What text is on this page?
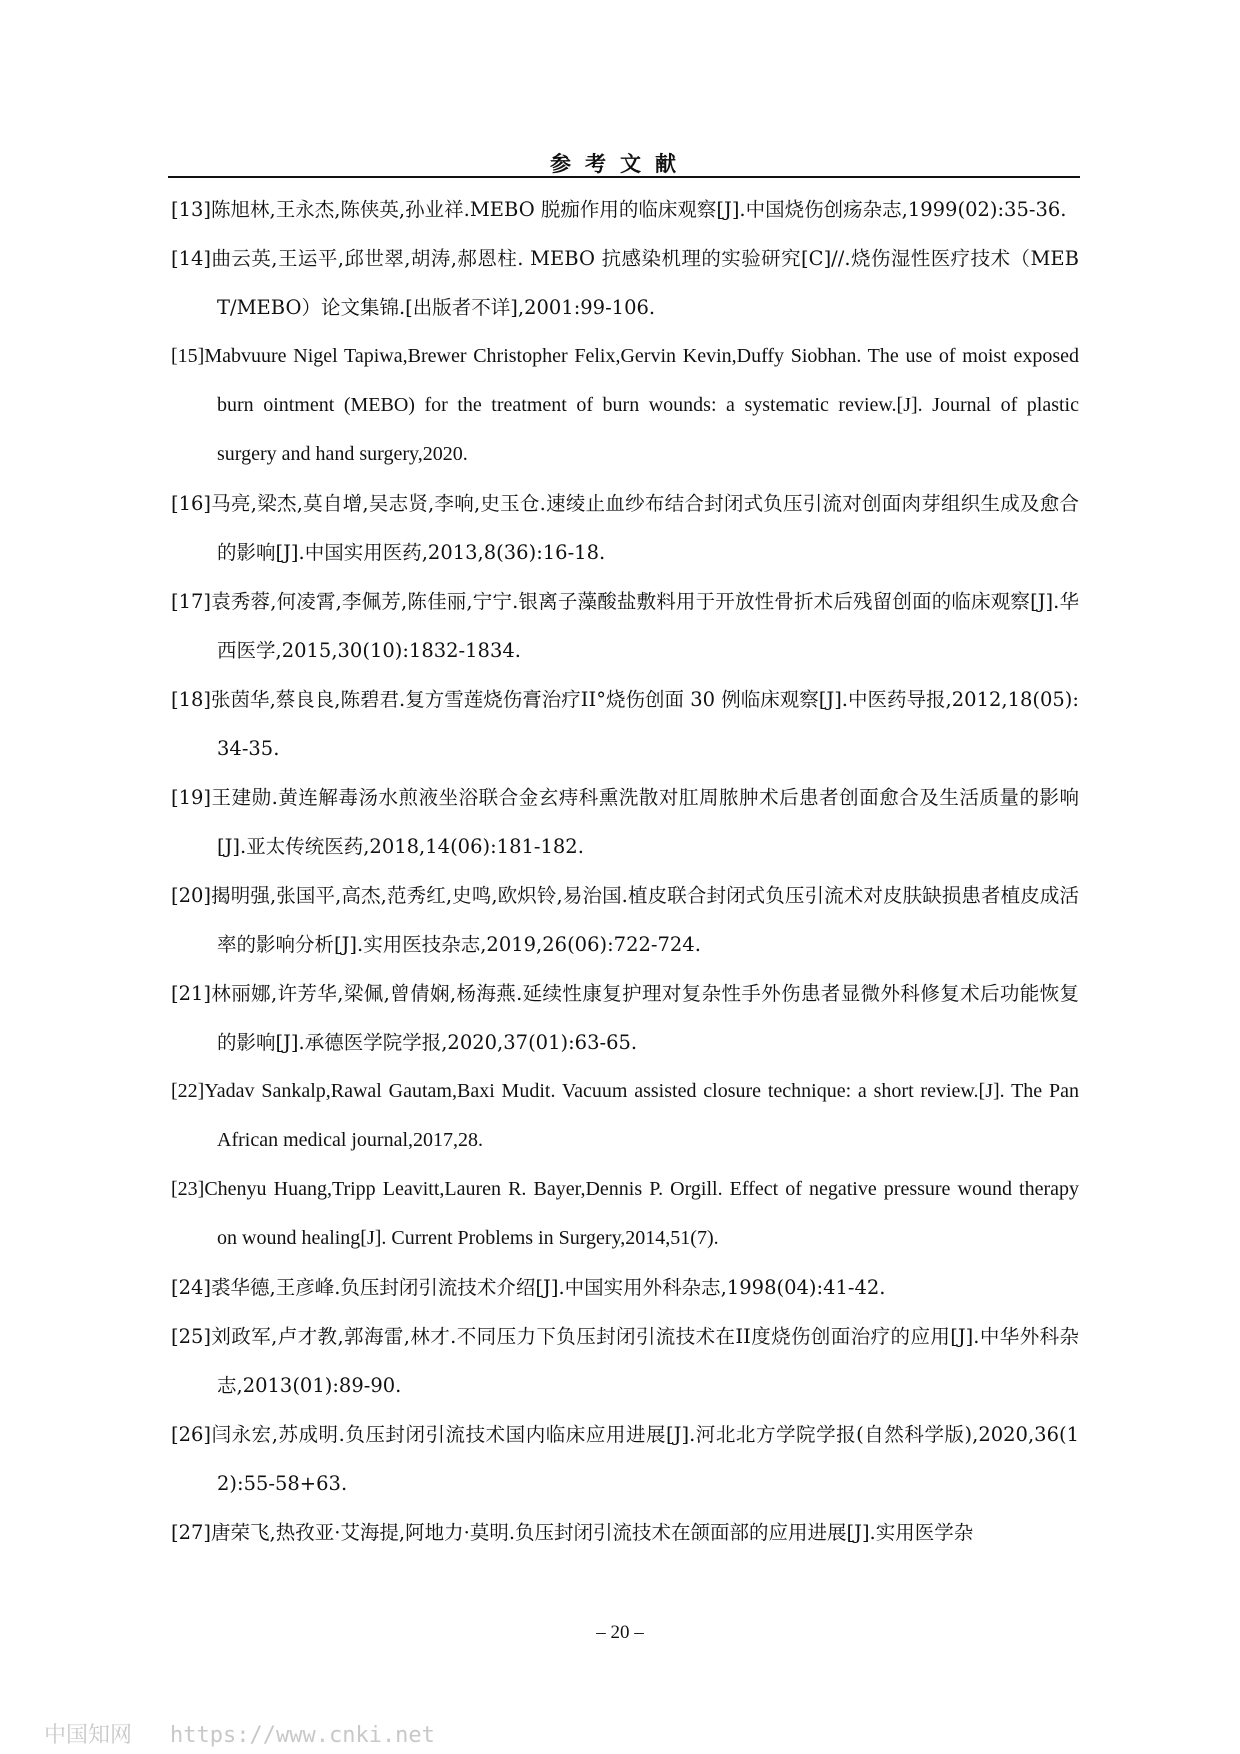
参考文献
[13]陈旭林,王永杰,陈侠英,孙业祥.MEBO 脱痂作用的临床观察[J].中国烧伤创疡杂志,1999(02):35-36.
[14]曲云英,王运平,邱世翠,胡涛,郝恩柱. MEBO 抗感染机理的实验研究[C]//.烧伤湿性医疗技术（MEBT/MEBO）论文集锦.[出版者不详],2001:99-106.
[15]Mabvuure Nigel Tapiwa,Brewer Christopher Felix,Gervin Kevin,Duffy Siobhan. The use of moist exposed burn ointment (MEBO) for the treatment of burn wounds: a systematic review.[J]. Journal of plastic surgery and hand surgery,2020.
[16]马亮,梁杰,莫自增,吴志贤,李响,史玉仓.速绫止血纱布结合封闭式负压引流对创面肉芽组织生成及愈合的影响[J].中国实用医药,2013,8(36):16-18.
[17]袁秀蓉,何凌霄,李佩芳,陈佳丽,宁宁.银离子藻酸盐敷料用于开放性骨折术后残留创面的临床观察[J].华西医学,2015,30(10):1832-1834.
[18]张茵华,蔡良良,陈碧君.复方雪莲烧伤膏治疗II°烧伤创面 30 例临床观察[J].中医药导报,2012,18(05):34-35.
[19]王建勋.黄连解毒汤水煎液坐浴联合金玄痔科熏洗散对肛周脓肿术后患者创面愈合及生活质量的影响[J].亚太传统医药,2018,14(06):181-182.
[20]揭明强,张国平,高杰,范秀红,史鸣,欧炽铃,易治国.植皮联合封闭式负压引流术对皮肤缺损患者植皮成活率的影响分析[J].实用医技杂志,2019,26(06):722-724.
[21]林丽娜,许芳华,梁佩,曾倩娴,杨海燕.延续性康复护理对复杂性手外伤患者显微外科修复术后功能恢复的影响[J].承德医学院学报,2020,37(01):63-65.
[22]Yadav Sankalp,Rawal Gautam,Baxi Mudit. Vacuum assisted closure technique: a short review.[J]. The Pan African medical journal,2017,28.
[23]Chenyu Huang,Tripp Leavitt,Lauren R. Bayer,Dennis P. Orgill. Effect of negative pressure wound therapy on wound healing[J]. Current Problems in Surgery,2014,51(7).
[24]裘华德,王彦峰.负压封闭引流技术介绍[J].中国实用外科杂志,1998(04):41-42.
[25]刘政军,卢才教,郭海雷,林才.不同压力下负压封闭引流技术在II度烧伤创面治疗的应用[J].中华外科杂志,2013(01):89-90.
[26]闫永宏,苏成明.负压封闭引流技术国内临床应用进展[J].河北北方学院学报(自然科学版),2020,36(12):55-58+63.
[27]唐荣飞,热孜亚·艾海提,阿地力·莫明.负压封闭引流技术在颌面部的应用进展[J].实用医学杂
– 20 –
中国知网 https://www.cnki.net
